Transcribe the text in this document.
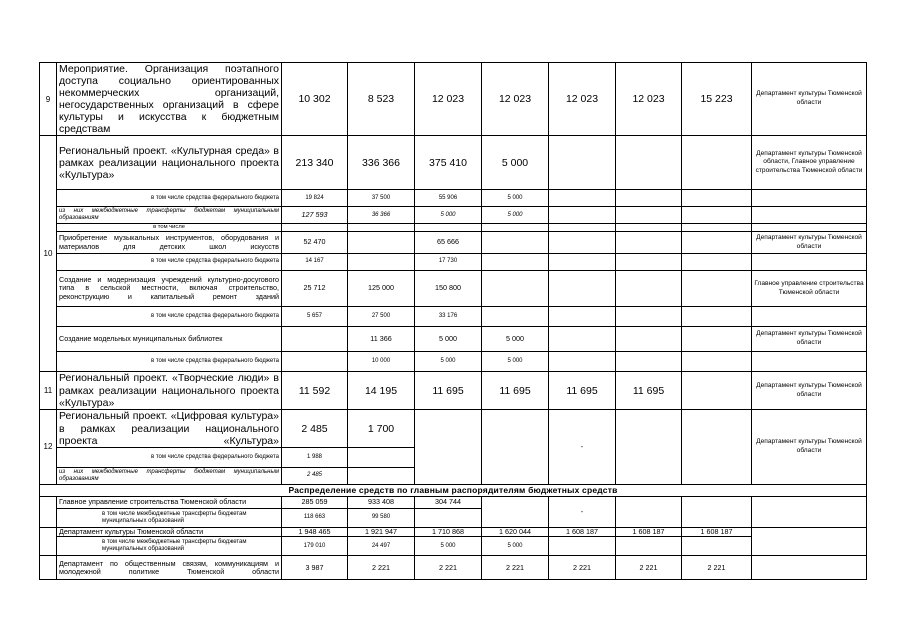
9	Мероприятие. Организация поэтапного доступа социально ориентированных некоммерческих организаций, негосударственных организаций в сфере культуры и искусства к бюджетным средствам	10 302	8 523	12 023	12 023	12 023	12 023	15 223	Департамент культуры Тюменской области
10	Региональный проект. «Культурная среда» в рамках реализации национального проекта «Культура»	213 340	336 366	375 410	5 000				Департамент культуры Тюменской области, Главное управление строительства Тюменской области
	в том числе средства федерального бюджета	19 824	37 500	55 906	5 000				
	из них межбюджетные трансферты бюджетам муниципальным образованиям	127 593	36 366	5 000	5 000				
	в том числе								
	Приобретение музыкальных инструментов, оборудования и материалов для детских школ искусств	52 470		65 666					Департамент культуры Тюменской области
	в том числе средства федерального бюджета	14 167		17 730					
	Создание и модернизация учреждений культурно-досугового типа в сельской местности, включая строительство, реконструкцию и капитальный ремонт зданий	25 712	125 000	150 800					Главное управление строительства Тюменской области
	в том числе средства федерального бюджета	5 657	27 500	33 176					
	Создание модельных муниципальных библиотек		11 366	5 000	5 000				Департамент культуры Тюменской области
	в том числе средства федерального бюджета		10 000	5 000	5 000				
11	Региональный проект. «Творческие люди» в рамках реализации национального проекта «Культура»	11 592	14 195	11 695	11 695	11 695	11 695		Департамент культуры Тюменской области
12	Региональный проект. «Цифровая культура» в рамках реализации национального проекта «Культура»	2 485	1 700			-			Департамент культуры Тюменской области
	в том числе средства федерального бюджета	1 988							
	из них межбюджетные трансферты бюджетам муниципальным образованиям	2 485							
Распределение средств по главным распорядителям бюджетных средств									
	Главное управление строительства Тюменской области	285 059	933 408	304 744		-			
	в том числе межбюджетные трансферты бюджетам муниципальных образований	118 663	99 580						
	Департамент культуры Тюменской области	1 948 465	1 921 947	1 710 868	1 620 044	1 608 187	1 608 187	1 608 187	
	в том числе межбюджетные трансферты бюджетам муниципальных образований	179 010	24 497	5 000	5 000				
	Департамент по общественным связям, коммуникациям и молодежной политике Тюменской области	3 987	2 221	2 221	2 221	2 221	2 221	2 221	
